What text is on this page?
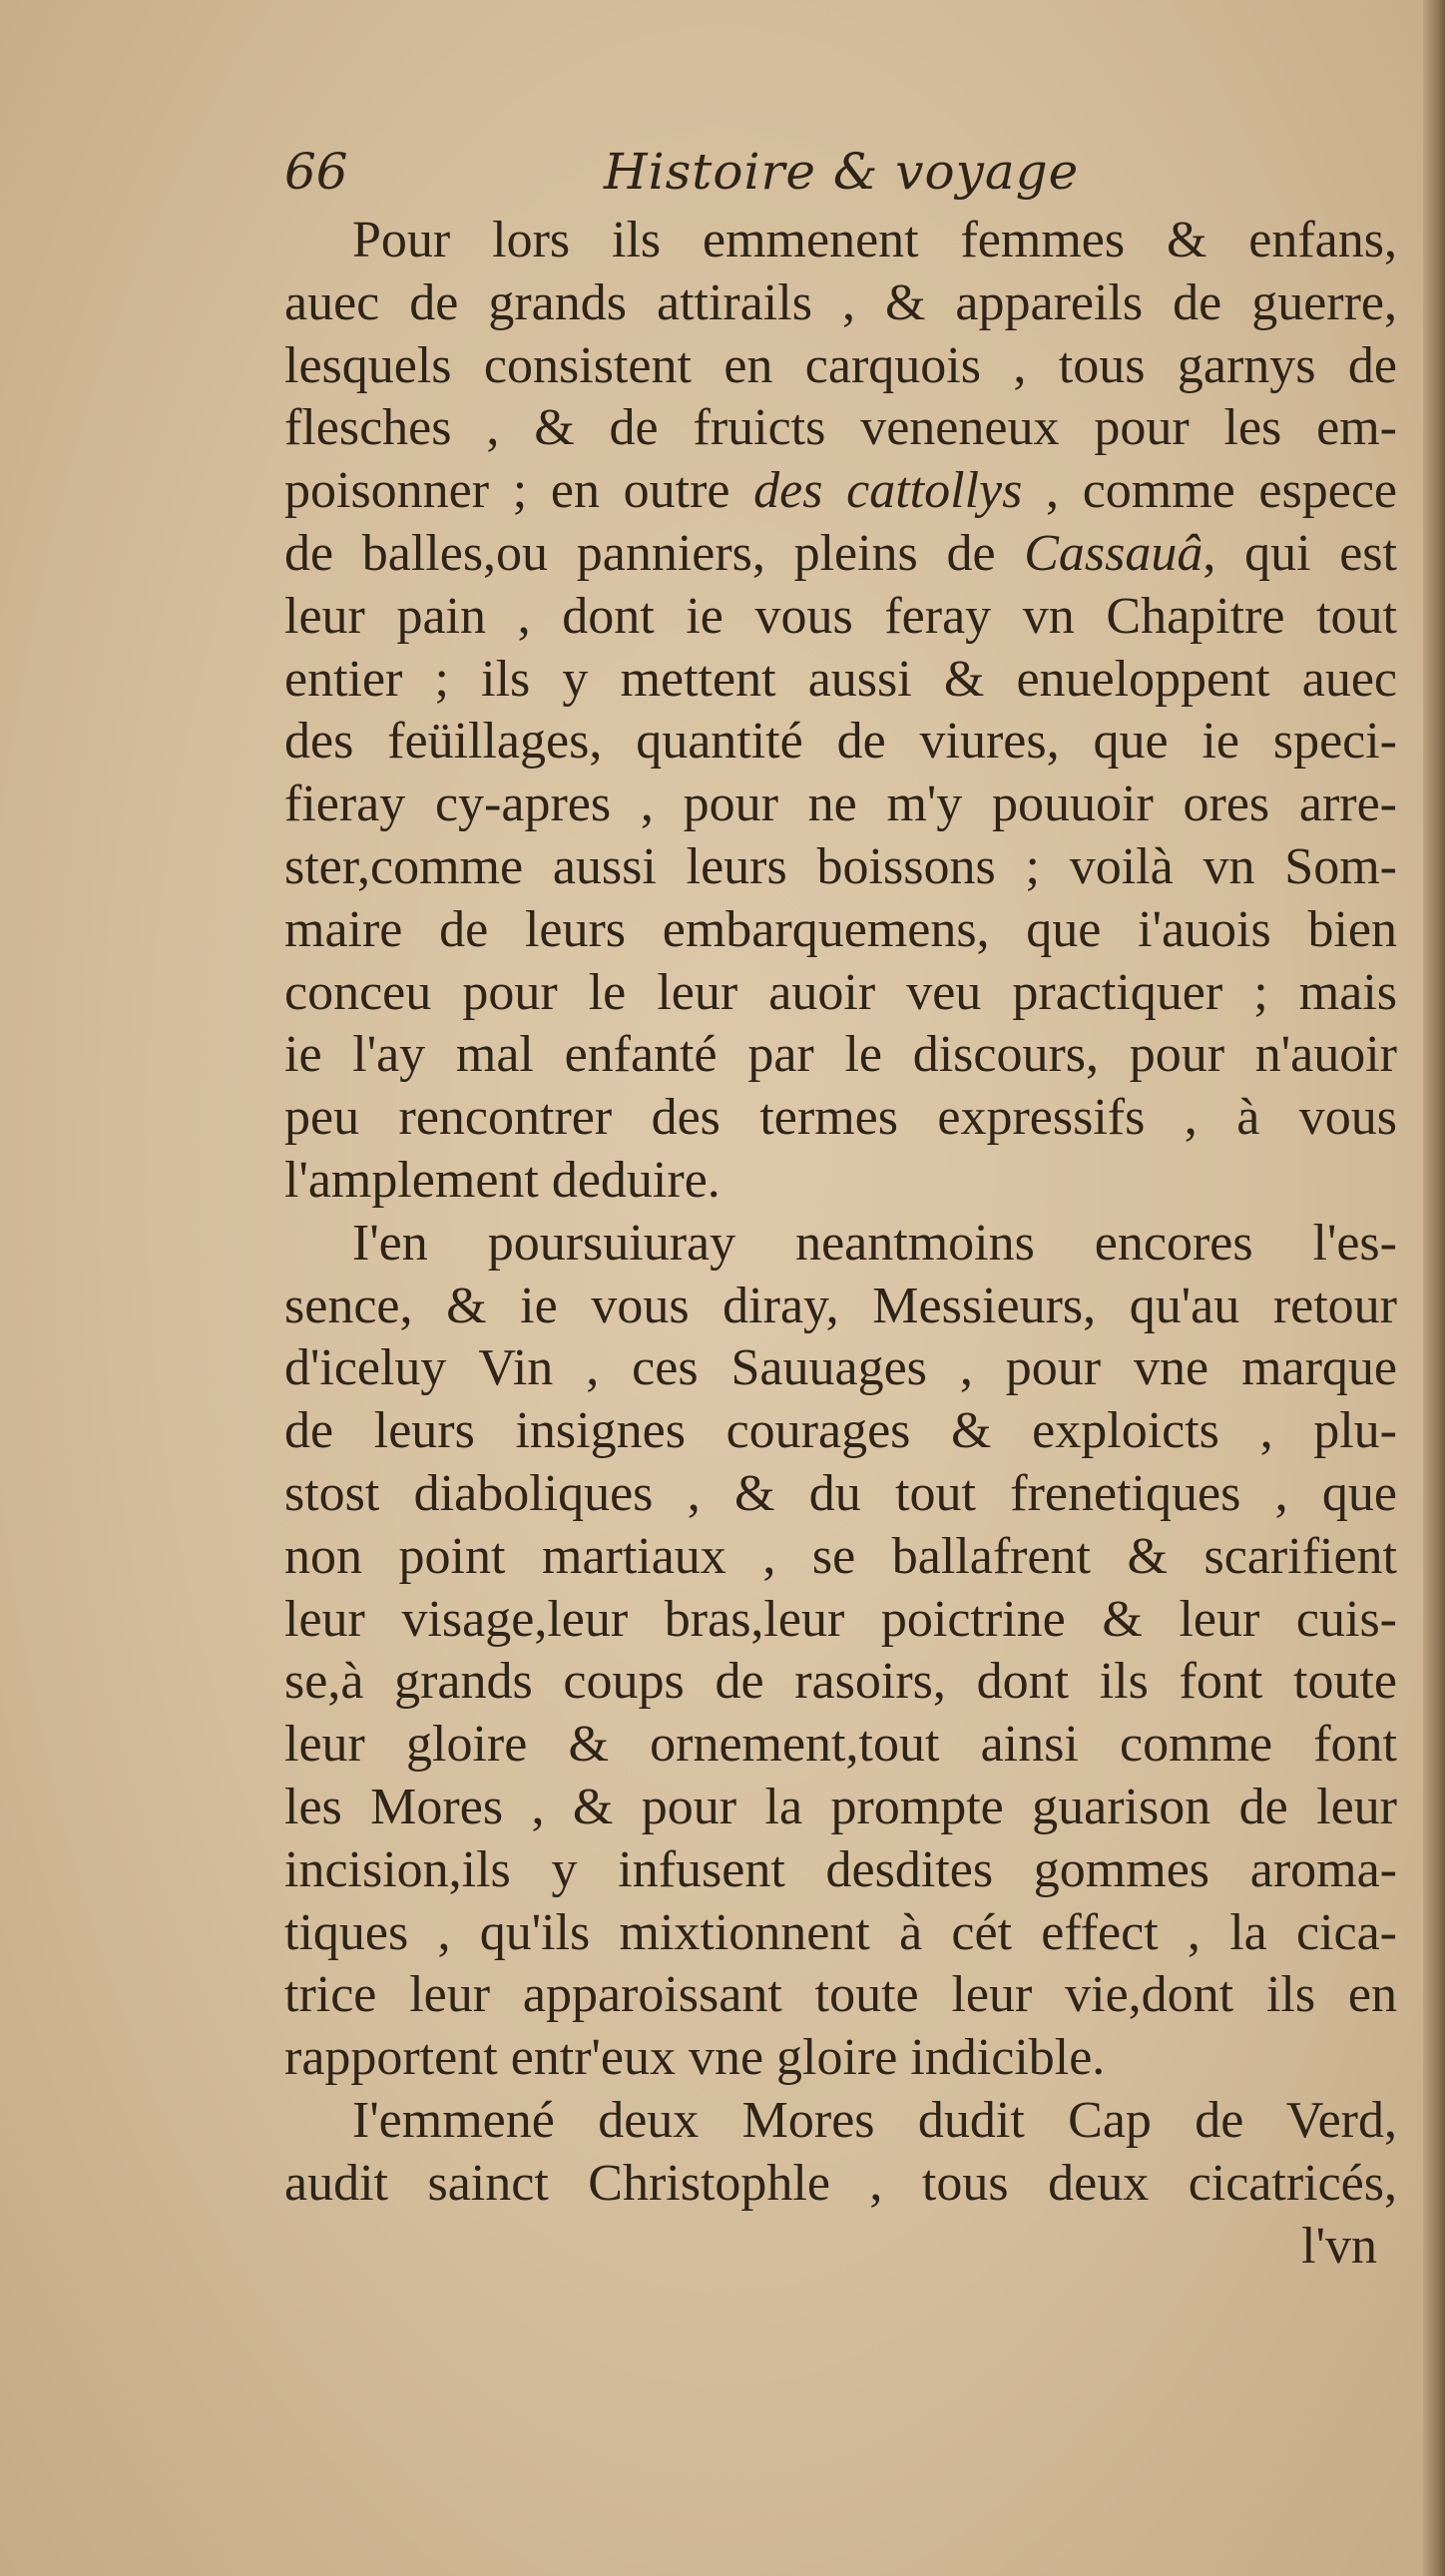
66	Histoire & voyage
Pour lors ils emmenent femmes & enfans,
auec de grands attirails , & appareils de guerre,
lesquels consistent en carquois , tous garnys de
flesches , & de fruicts veneneux pour les em-
poisonner ; en outre des cattollys , comme espece
de balles,ou panniers, pleins de Cassauâ, qui est
leur pain , dont ie vous feray vn Chapitre tout
entier ; ils y mettent aussi & enueloppent auec
des feüillages, quantité de viures, que ie speci-
fieray cy-apres , pour ne m'y pouuoir ores arre-
ster,comme aussi leurs boissons ; voilà vn Som-
maire de leurs embarquemens, que i'auois bien
conceu pour le leur auoir veu practiquer ; mais
ie l'ay mal enfanté par le discours, pour n'auoir
peu rencontrer des termes expressifs , à vous
l'amplement deduire.
I'en poursuiuray neantmoins encores l'es-
sence, & ie vous diray, Messieurs, qu'au retour
d'iceluy Vin , ces Sauuages , pour vne marque
de leurs insignes courages & exploicts , plu-
stost diaboliques , & du tout frenetiques , que
non point martiaux , se ballafrent & scarifient
leur visage,leur bras,leur poictrine & leur cuis-
se,à grands coups de rasoirs, dont ils font toute
leur gloire & ornement,tout ainsi comme font
les Mores , & pour la prompte guarison de leur
incision,ils y infusent desdites gommes aroma-
tiques , qu'ils mixtionnent à cét effect , la cica-
trice leur apparoissant toute leur vie,dont ils en
rapportent entr'eux vne gloire indicible.
I'emmené deux Mores dudit Cap de Verd,
audit sainct Christophle , tous deux cicatricés,
l'vn
